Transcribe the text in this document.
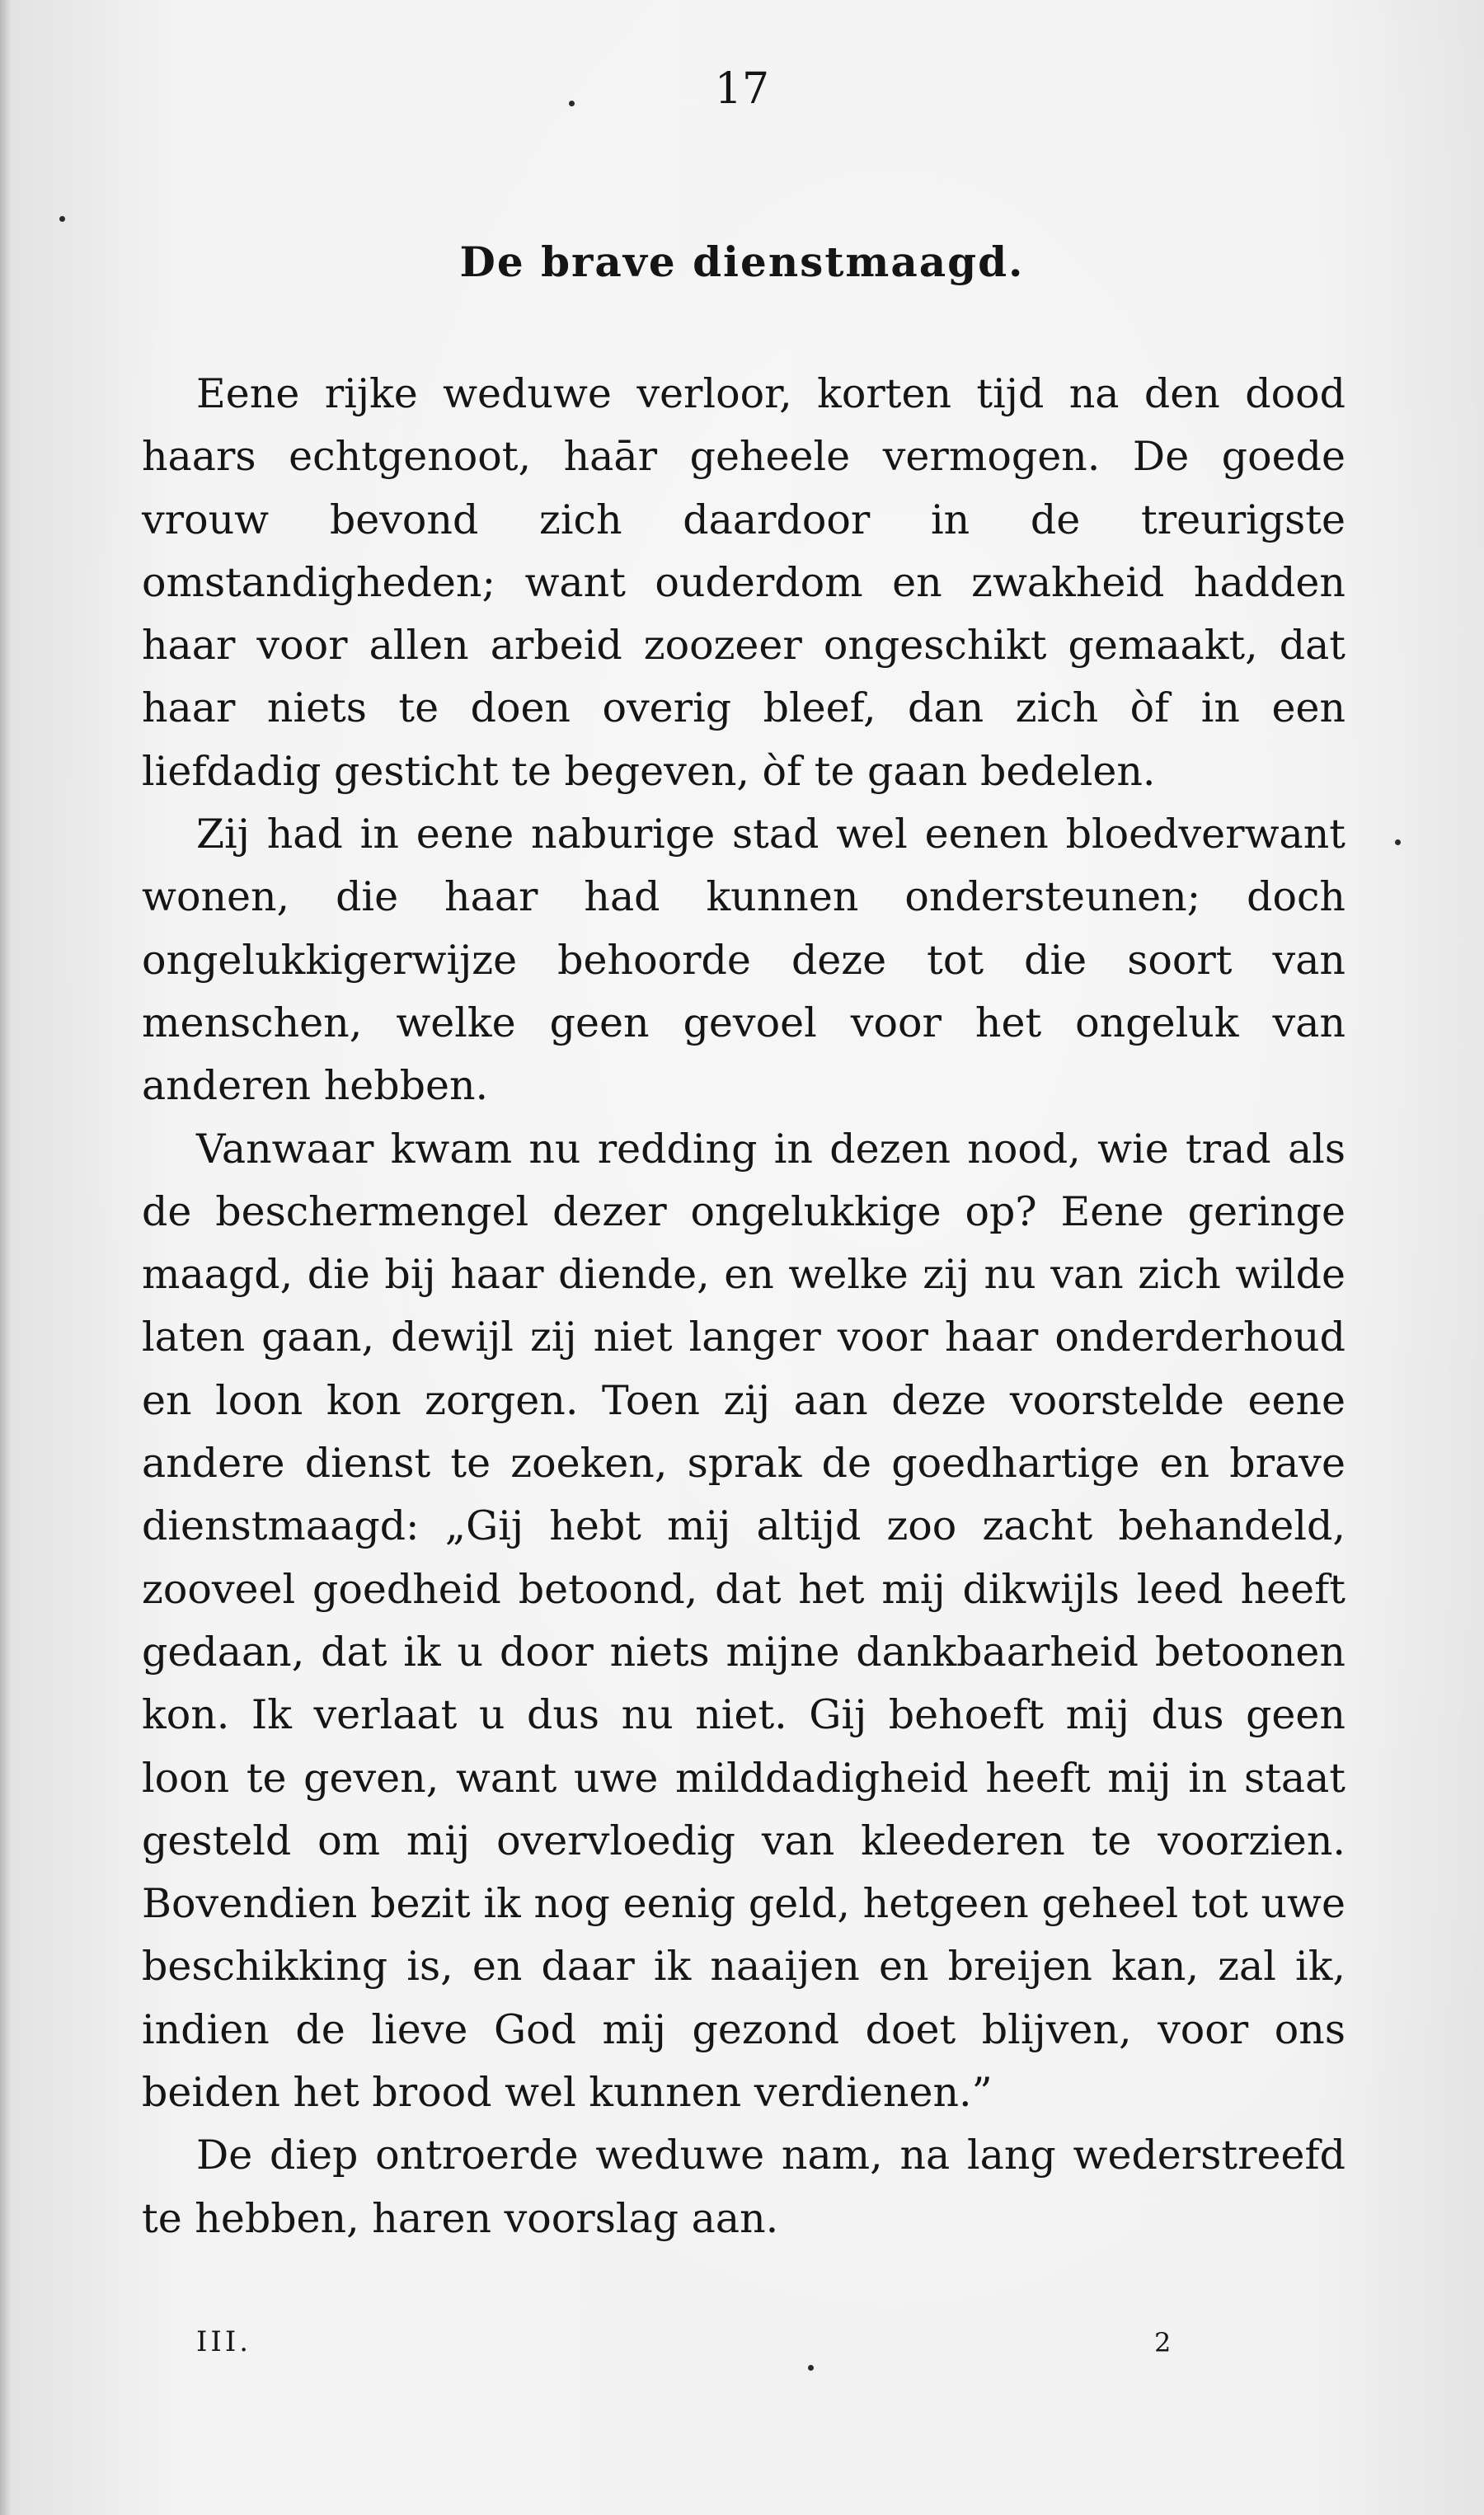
17
De brave dienstmaagd.

Eene rijke weduwe verloor, korten tijd na den dood haars echtgenoot, haār geheele vermogen. De goede vrouw bevond zich daardoor in de treurigste omstandigheden; want ouderdom en zwakheid hadden haar voor allen arbeid zoozeer ongeschikt gemaakt, dat haar niets te doen overig bleef, dan zich òf in een liefdadig gesticht te begeven, òf te gaan bedelen.

Zij had in eene naburige stad wel eenen bloedverwant wonen, die haar had kunnen ondersteunen; doch ongelukkigerwijze behoorde deze tot die soort van menschen, welke geen gevoel voor het ongeluk van anderen hebben.

Vanwaar kwam nu redding in dezen nood, wie trad als de beschermengel dezer ongelukkige op? Eene geringe maagd, die bij haar diende, en welke zij nu van zich wilde laten gaan, dewijl zij niet langer voor haar onderderhoud en loon kon zorgen. Toen zij aan deze voorstelde eene andere dienst te zoeken, sprak de goedhartige en brave dienstmaagd: „Gij hebt mij altijd zoo zacht behandeld, zooveel goedheid betoond, dat het mij dikwijls leed heeft gedaan, dat ik u door niets mijne dankbaarheid betoonen kon. Ik verlaat u dus nu niet. Gij behoeft mij dus geen loon te geven, want uwe milddadigheid heeft mij in staat gesteld om mij overvloedig van kleederen te voorzien. Bovendien bezit ik nog eenig geld, hetgeen geheel tot uwe beschikking is, en daar ik naaijen en breijen kan, zal ik, indien de lieve God mij gezond doet blijven, voor ons beiden het brood wel kunnen verdienen.”

De diep ontroerde weduwe nam, na lang wederstreefd te hebben, haren voorslag aan.

III.	2
